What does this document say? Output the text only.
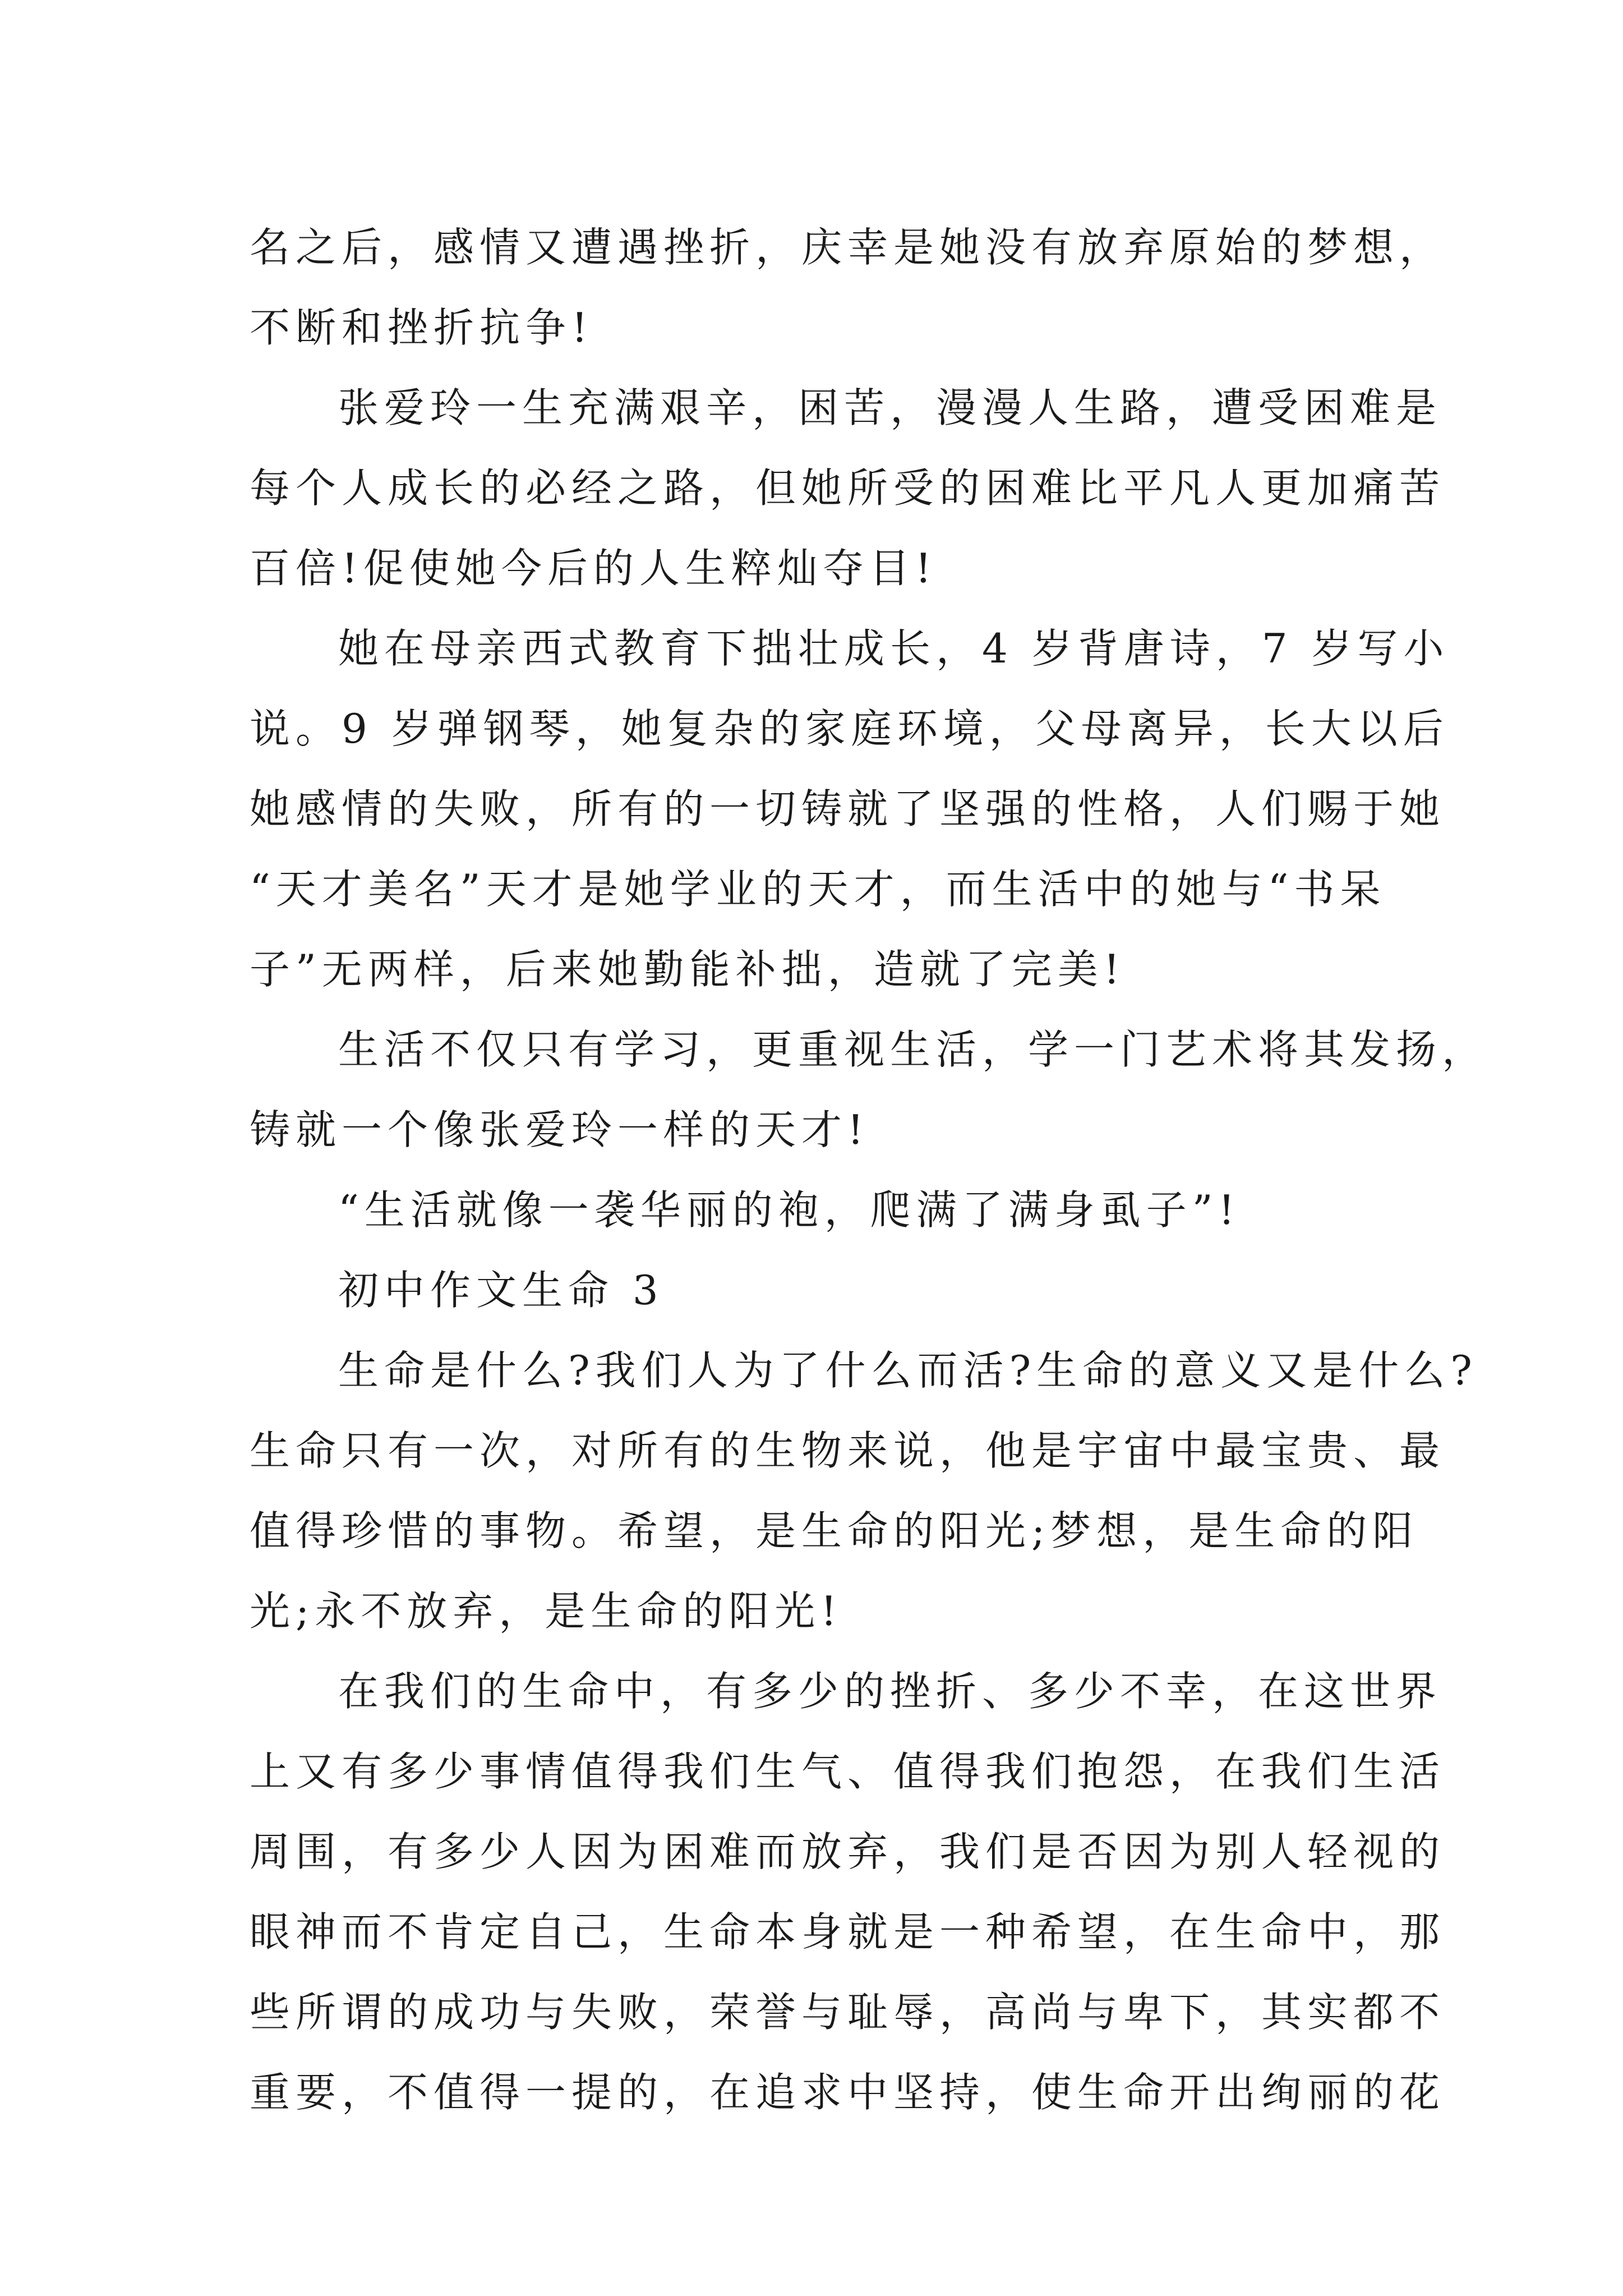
名之后，感情又遭遇挫折，庆幸是她没有放弃原始的梦想，
不断和挫折抗争!
张爱玲一生充满艰辛，困苦，漫漫人生路，遭受困难是
每个人成长的必经之路，但她所受的困难比平凡人更加痛苦
百倍!促使她今后的人生粹灿夺目!
她在母亲西式教育下拙壮成长，4 岁背唐诗，7 岁写小
说。9 岁弹钢琴，她复杂的家庭环境，父母离异，长大以后
她感情的失败，所有的一切铸就了坚强的性格，人们赐于她
“天才美名”天才是她学业的天才，而生活中的她与“书呆
子”无两样，后来她勤能补拙，造就了完美!
生活不仅只有学习，更重视生活，学一门艺术将其发扬，
铸就一个像张爱玲一样的天才!
“生活就像一袭华丽的袍，爬满了满身虱子”!
初中作文生命 3
生命是什么?我们人为了什么而活?生命的意义又是什么?
生命只有一次，对所有的生物来说，他是宇宙中最宝贵、最
值得珍惜的事物。希望，是生命的阳光;梦想，是生命的阳
光;永不放弃，是生命的阳光!
在我们的生命中，有多少的挫折、多少不幸，在这世界
上又有多少事情值得我们生气、值得我们抱怨，在我们生活
周围，有多少人因为困难而放弃，我们是否因为别人轻视的
眼神而不肯定自己，生命本身就是一种希望，在生命中，那
些所谓的成功与失败，荣誉与耻辱，高尚与卑下，其实都不
重要，不值得一提的，在追求中坚持，使生命开出绚丽的花
